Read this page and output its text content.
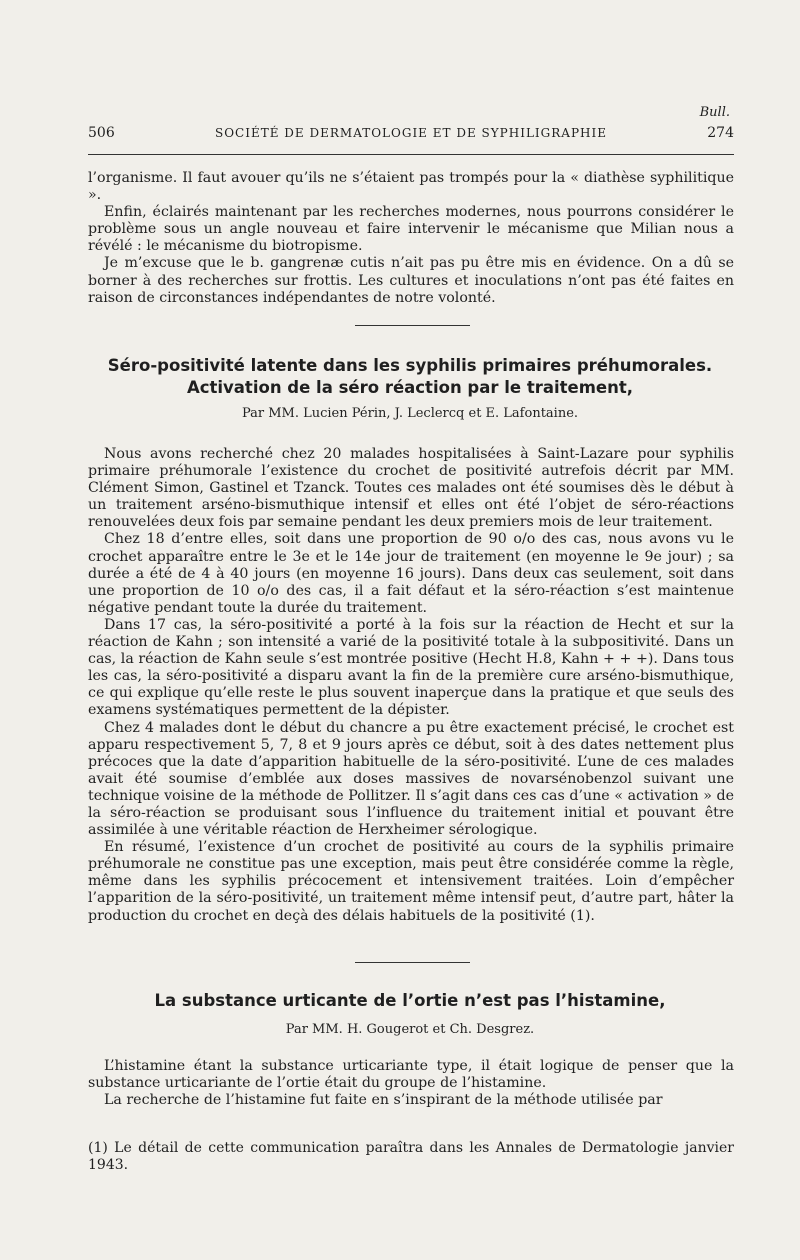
Bull.
506	SOCIÉTÉ DE DERMATOLOGIE ET DE SYPHILIGRAPHIE	274

l’organisme. Il faut avouer qu’ils ne s’étaient pas trompés pour la « diathèse syphilitique ».

Enfin, éclairés maintenant par les recherches modernes, nous pourrons considérer le problème sous un angle nouveau et faire intervenir le mécanisme que Milian nous a révélé : le mécanisme du biotropisme.

Je m’excuse que le b. gangrenæ cutis n’ait pas pu être mis en évidence. On a dû se borner à des recherches sur frottis. Les cultures et inoculations n’ont pas été faites en raison de circonstances indépendantes de notre volonté.

Séro-positivité latente dans les syphilis primaires préhumorales.
Activation de la séro réaction par le traitement,
Par MM. Lucien Périn, J. Leclercq et E. Lafontaine.

Nous avons recherché chez 20 malades hospitalisées à Saint-Lazare pour syphilis primaire préhumorale l’existence du crochet de positivité autrefois décrit par MM. Clément Simon, Gastinel et Tzanck. Toutes ces malades ont été soumises dès le début à un traitement arséno-bismuthique intensif et elles ont été l’objet de séro-réactions renouvelées deux fois par semaine pendant les deux premiers mois de leur traitement.

Chez 18 d’entre elles, soit dans une proportion de 90 o/o des cas, nous avons vu le crochet apparaître entre le 3e et le 14e jour de traitement (en moyenne le 9e jour) ; sa durée a été de 4 à 40 jours (en moyenne 16 jours). Dans deux cas seulement, soit dans une proportion de 10 o/o des cas, il a fait défaut et la séro-réaction s’est maintenue négative pendant toute la durée du traitement.

Dans 17 cas, la séro-positivité a porté à la fois sur la réaction de Hecht et sur la réaction de Kahn ; son intensité a varié de la positivité totale à la subpositivité. Dans un cas, la réaction de Kahn seule s’est montrée positive (Hecht H.8, Kahn + + +). Dans tous les cas, la séro-positivité a disparu avant la fin de la première cure arséno-bismuthique, ce qui explique qu’elle reste le plus souvent inaperçue dans la pratique et que seuls des examens systématiques permettent de la dépister.

Chez 4 malades dont le début du chancre a pu être exactement précisé, le crochet est apparu respectivement 5, 7, 8 et 9 jours après ce début, soit à des dates nettement plus précoces que la date d’apparition habituelle de la séro-positivité. L’une de ces malades avait été soumise d’emblée aux doses massives de novarsénobenzol suivant une technique voisine de la méthode de Pollitzer. Il s’agit dans ces cas d’une « activation » de la séro-réaction se produisant sous l’influence du traitement initial et pouvant être assimilée à une véritable réaction de Herxheimer sérologique.

En résumé, l’existence d’un crochet de positivité au cours de la syphilis primaire préhumorale ne constitue pas une exception, mais peut être considérée comme la règle, même dans les syphilis précocement et intensivement traitées. Loin d’empêcher l’apparition de la séro-positivité, un traitement même intensif peut, d’autre part, hâter la production du crochet en deçà des délais habituels de la positivité (1).

La substance urticante de l’ortie n’est pas l’histamine,
Par MM. H. Gougerot et Ch. Desgrez.

L’histamine étant la substance urticariante type, il était logique de penser que la substance urticariante de l’ortie était du groupe de l’histamine.

La recherche de l’histamine fut faite en s’inspirant de la méthode utilisée par

(1) Le détail de cette communication paraîtra dans les Annales de Dermatologie janvier 1943.
